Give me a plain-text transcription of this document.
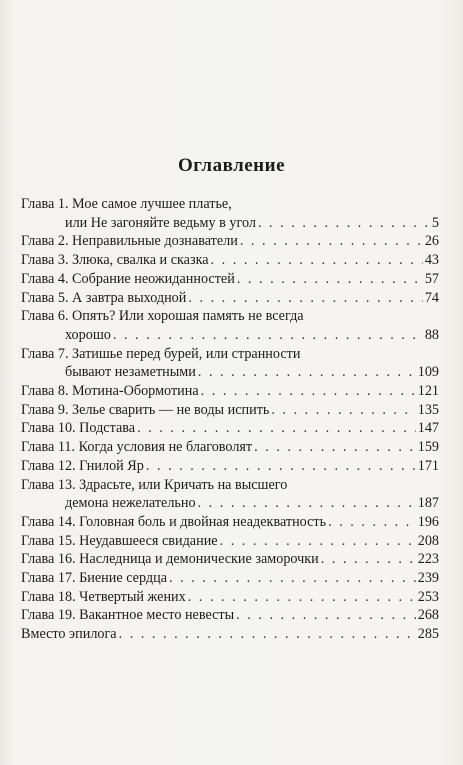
Оглавление
Глава 1. Мое самое лучшее платье,
или Не загоняйте ведьму в угол . . .	5
Глава 2. Неправильные дознаватели . . .	26
Глава 3. Злюка, свалка и сказка . . .	43
Глава 4. Собрание неожиданностей . . .	57
Глава 5. А завтра выходной . . .	74
Глава 6. Опять? Или хорошая память не всегда
хорошо . . .	88
Глава 7. Затишье перед бурей, или странности
бывают незаметными . . .	109
Глава 8. Мотина-Обормотина . . .	121
Глава 9. Зелье сварить — не воды испить . . .	135
Глава 10. Подстава . . .	147
Глава 11. Когда условия не благоволят . . .	159
Глава 12. Гнилой Яр . . .	171
Глава 13. Здрасьте, или Кричать на высшего
демона нежелательно . . .	187
Глава 14. Головная боль и двойная неадекватность . . .	196
Глава 15. Неудавшееся свидание . . .	208
Глава 16. Наследница и демонические заморочки . . .	223
Глава 17. Биение сердца . . .	239
Глава 18. Четвертый жених . . .	253
Глава 19. Вакантное место невесты . . .	268
Вместо эпилога . . .	285
